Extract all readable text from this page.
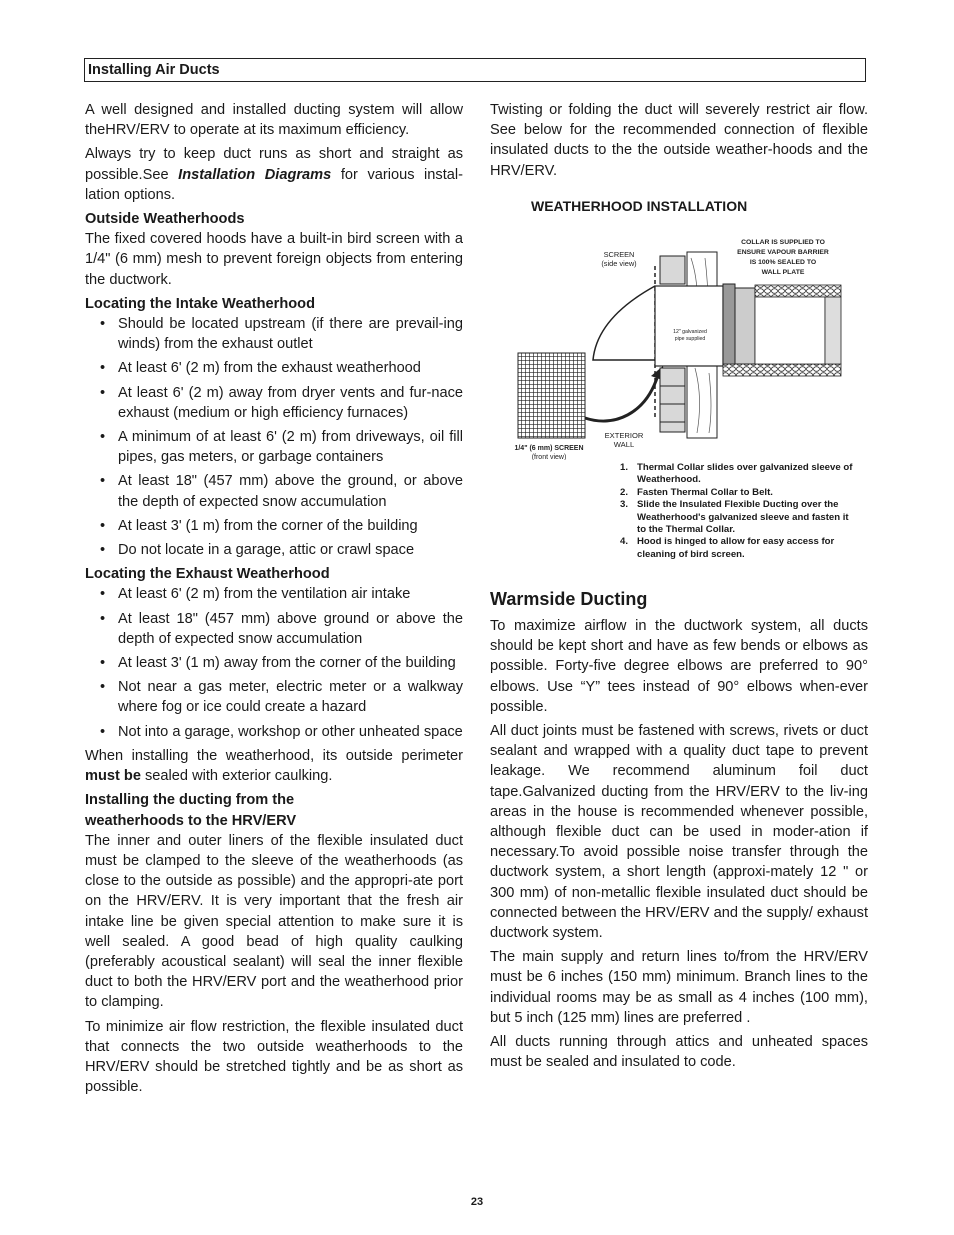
Installing Air Ducts

A well designed and installed ducting system will allow theHRV/ERV to operate at its maximum efficiency.

Always try to keep duct runs as short and straight as possible.See Installation Diagrams for various instal-lation options.

Outside Weatherhoods

The fixed covered hoods have a built-in bird screen with a 1/4" (6 mm) mesh to prevent foreign objects from entering the ductwork.

Locating the Intake Weatherhood
• Should be located upstream (if there are prevail-ing winds) from the exhaust outlet
• At least 6' (2 m) from the exhaust weatherhood
• At least 6' (2 m) away from dryer vents and fur-nace exhaust (medium or high efficiency furnaces)
• A minimum of at least 6' (2 m) from driveways, oil fill pipes, gas meters, or garbage containers
• At least 18" (457 mm) above the ground, or above the depth of expected snow accumulation
• At least 3' (1 m) from the corner of the building
• Do not locate in a garage, attic or crawl space
Locating the Exhaust Weatherhood
• At least 6' (2 m) from the ventilation air intake
• At least 18" (457 mm) above ground or above the depth of expected snow accumulation
• At least 3' (1 m) away from the corner of the building
• Not near a gas meter, electric meter or a walkway where fog or ice could create a hazard
• Not into a garage, workshop or other unheated space

When installing the weatherhood, its outside perimeter must be sealed with exterior caulking.

Installing the ducting from the
weatherhoods to the HRV/ERV

The inner and outer liners of the flexible insulated duct must be clamped to the sleeve of the weatherhoods (as close to the outside as possible) and the appropri-ate port on the HRV/ERV. It is very important that the fresh air intake line be given special attention to make sure it is well sealed. A good bead of high quality caulking (preferably acoustical sealant) will seal the inner flexible duct to both the HRV/ERV port and the weatherhood prior to clamping.

To minimize air flow restriction, the flexible insulated duct that connects the two outside weatherhoods to the HRV/ERV should be stretched tightly and be as short as possible.

Twisting or folding the duct will severely restrict air flow. See below for the recommended connection of flexible insulated ducts to the the outside weather-hoods and the HRV/ERV.

WEATHERHOOD INSTALLATION
SCREEN
(side view)
COLLAR IS SUPPLIED TO
ENSURE VAPOUR BARRIER
IS 100% SEALED TO
WALL PLATE
12" galvanized
pipe supplied
EXTERIOR
WALL
1/4" (6 mm) SCREEN
(front view)
1. Thermal Collar slides over galvanized sleeve of Weatherhood.
2. Fasten Thermal Collar to Belt.
3. Slide the Insulated Flexible Ducting over the Weatherhood's galvanized sleeve and fasten it to the Thermal Collar.
4. Hood is hinged to allow for easy access for cleaning of bird screen.
Warmside Ducting

To maximize airflow in the ductwork system, all ducts should be kept short and have as few bends or elbows as possible. Forty-five degree elbows are preferred to 90° elbows. Use “Y” tees instead of 90° elbows when-ever possible.

All duct joints must be fastened with screws, rivets or duct sealant and wrapped with a quality duct tape to prevent leakage. We recommend aluminum foil duct tape.Galvanized ducting from the HRV/ERV to the liv-ing areas in the house is recommended whenever possible, although flexible duct can be used in moder-ation if necessary.To avoid possible noise transfer through the ductwork system, a short length (approxi-mately 12 " or 300 mm) of non-metallic flexible insulated duct should be connected between the HRV/ERV and the supply/ exhaust ductwork system.

The main supply and return lines to/from the HRV/ERV must be 6 inches (150 mm) minimum. Branch lines to the individual rooms may be as small as 4 inches (100 mm), but 5 inch (125 mm) lines are preferred .

All ducts running through attics and unheated spaces must be sealed and insulated to code.

23
